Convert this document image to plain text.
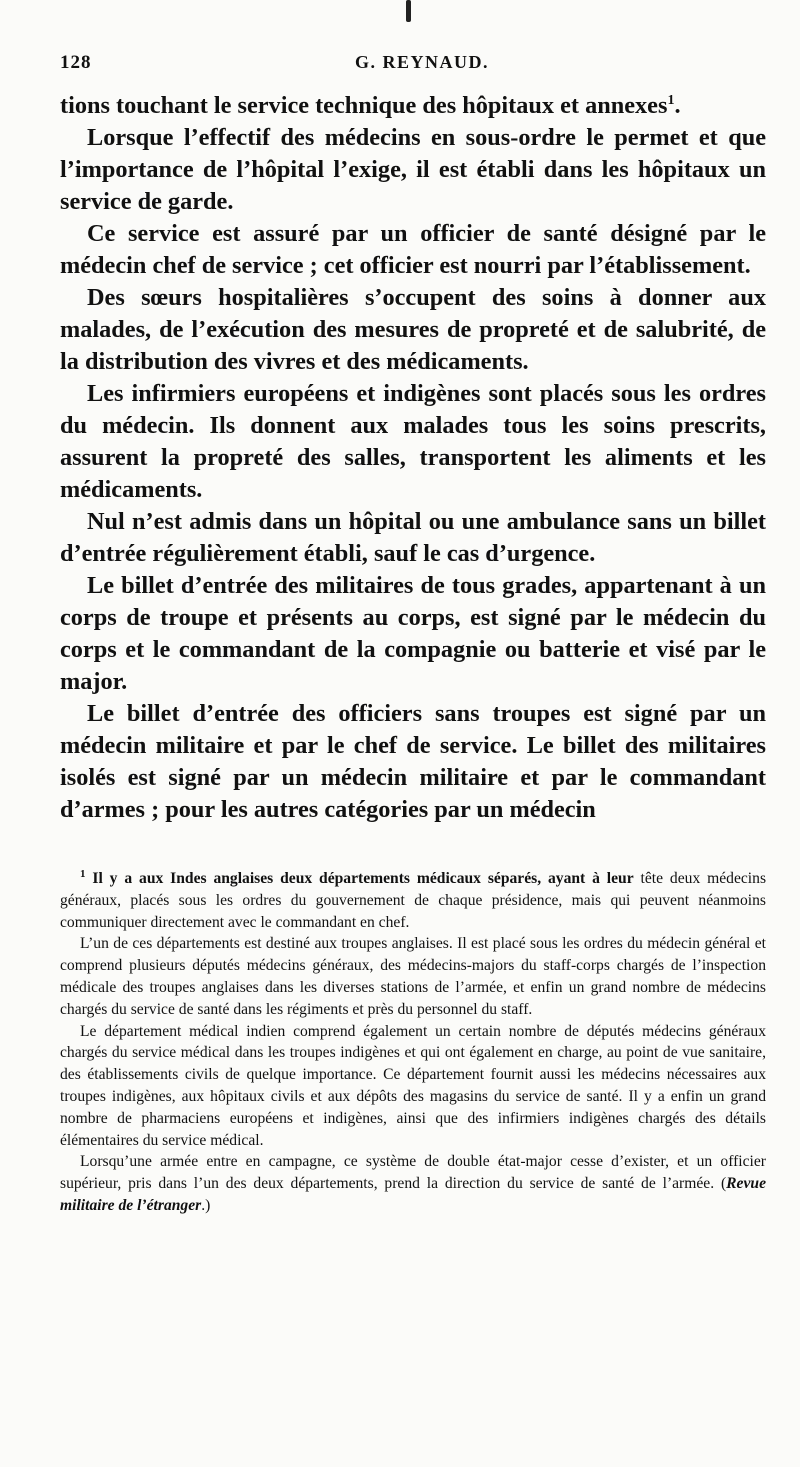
128	G. REYNAUD.

tions touchant le service technique des hôpitaux et annexes$^1$.

Lorsque l’effectif des médecins en sous-ordre le permet et que l’importance de l’hôpital l’exige, il est établi dans les hôpitaux un service de garde.

Ce service est assuré par un officier de santé désigné par le médecin chef de service ; cet officier est nourri par l’établissement.

Des sœurs hospitalières s’occupent des soins à donner aux malades, de l’exécution des mesures de propreté et de salubrité, de la distribution des vivres et des médicaments.

Les infirmiers européens et indigènes sont placés sous les ordres du médecin. Ils donnent aux malades tous les soins prescrits, assurent la propreté des salles, transportent les aliments et les médicaments.

Nul n’est admis dans un hôpital ou une ambulance sans un billet d’entrée régulièrement établi, sauf le cas d’urgence.

Le billet d’entrée des militaires de tous grades, appartenant à un corps de troupe et présents au corps, est signé par le médecin du corps et le commandant de la compagnie ou batterie et visé par le major.

Le billet d’entrée des officiers sans troupes est signé par un médecin militaire et par le chef de service. Le billet des militaires isolés est signé par un médecin militaire et par le commandant d’armes ; pour les autres catégories par un médecin

$^1$ Il y a aux Indes anglaises deux départements médicaux séparés, ayant à leur tête deux médecins généraux, placés sous les ordres du gouvernement de chaque présidence, mais qui peuvent néanmoins communiquer directement avec le commandant en chef.

L’un de ces départements est destiné aux troupes anglaises. Il est placé sous les ordres du médecin général et comprend plusieurs députés médecins généraux, des médecins-majors du staff-corps chargés de l’inspection médicale des troupes anglaises dans les diverses stations de l’armée, et enfin un grand nombre de médecins chargés du service de santé dans les régiments et près du personnel du staff.

Le département médical indien comprend également un certain nombre de députés médecins généraux chargés du service médical dans les troupes indigènes et qui ont également en charge, au point de vue sanitaire, des établissements civils de quelque importance. Ce département fournit aussi les médecins nécessaires aux troupes indigènes, aux hôpitaux civils et aux dépôts des magasins du service de santé. Il y a enfin un grand nombre de pharmaciens européens et indigènes, ainsi que des infirmiers indigènes chargés des détails élémentaires du service médical.

Lorsqu’une armée entre en campagne, ce système de double état-major cesse d’exister, et un officier supérieur, pris dans l’un des deux départements, prend la direction du service de santé de l’armée. (Revue militaire de l’étranger.)
